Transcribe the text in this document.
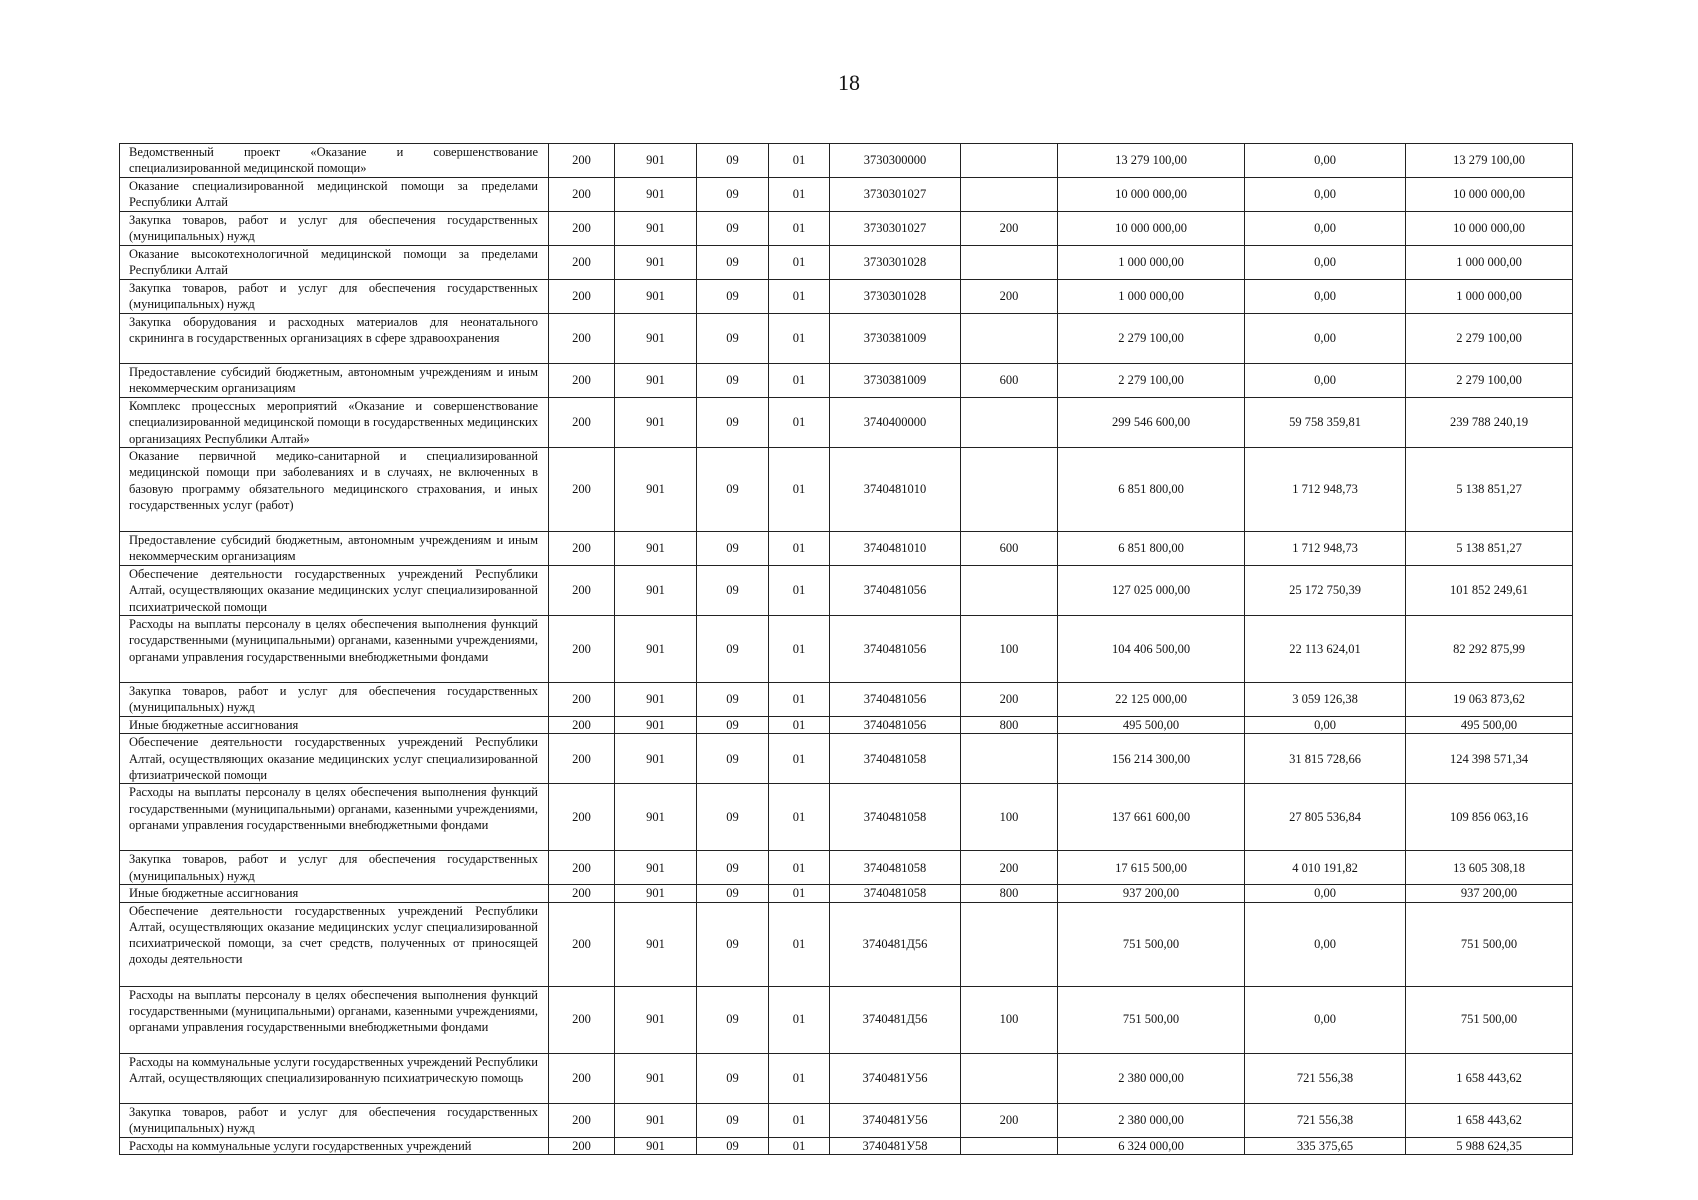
18
Ведомственный проект «Оказание и совершенствование специализированной медицинской помощи»	200	901	09	01	3730300000		13 279 100,00	0,00	13 279 100,00
Оказание специализированной медицинской помощи за пределами Республики Алтай	200	901	09	01	3730301027		10 000 000,00	0,00	10 000 000,00
Закупка товаров, работ и услуг для обеспечения государственных (муниципальных) нужд	200	901	09	01	3730301027	200	10 000 000,00	0,00	10 000 000,00
Оказание высокотехнологичной медицинской помощи за пределами Республики Алтай	200	901	09	01	3730301028		1 000 000,00	0,00	1 000 000,00
Закупка товаров, работ и услуг для обеспечения государственных (муниципальных) нужд	200	901	09	01	3730301028	200	1 000 000,00	0,00	1 000 000,00
Закупка оборудования и расходных материалов для неонатального скрининга в государственных организациях в сфере здравоохранения	200	901	09	01	3730381009		2 279 100,00	0,00	2 279 100,00
Предоставление субсидий бюджетным, автономным учреждениям и иным некоммерческим организациям	200	901	09	01	3730381009	600	2 279 100,00	0,00	2 279 100,00
Комплекс процессных мероприятий «Оказание и совершенствование специализированной медицинской помощи в государственных медицинских организациях Республики Алтай»	200	901	09	01	3740400000		299 546 600,00	59 758 359,81	239 788 240,19
Оказание первичной медико-санитарной и специализированной медицинской помощи при заболеваниях и в случаях, не включенных в базовую программу обязательного медицинского страхования, и иных государственных услуг (работ)	200	901	09	01	3740481010		6 851 800,00	1 712 948,73	5 138 851,27
Предоставление субсидий бюджетным, автономным учреждениям и иным некоммерческим организациям	200	901	09	01	3740481010	600	6 851 800,00	1 712 948,73	5 138 851,27
Обеспечение деятельности государственных учреждений Республики Алтай, осуществляющих оказание медицинских услуг специализированной психиатрической помощи	200	901	09	01	3740481056		127 025 000,00	25 172 750,39	101 852 249,61
Расходы на выплаты персоналу в целях обеспечения выполнения функций государственными (муниципальными) органами, казенными учреждениями, органами управления государственными внебюджетными фондами	200	901	09	01	3740481056	100	104 406 500,00	22 113 624,01	82 292 875,99
Закупка товаров, работ и услуг для обеспечения государственных (муниципальных) нужд	200	901	09	01	3740481056	200	22 125 000,00	3 059 126,38	19 063 873,62
Иные бюджетные ассигнования	200	901	09	01	3740481056	800	495 500,00	0,00	495 500,00
Обеспечение деятельности государственных учреждений Республики Алтай, осуществляющих оказание медицинских услуг специализированной фтизиатрической помощи	200	901	09	01	3740481058		156 214 300,00	31 815 728,66	124 398 571,34
Расходы на выплаты персоналу в целях обеспечения выполнения функций государственными (муниципальными) органами, казенными учреждениями, органами управления государственными внебюджетными фондами	200	901	09	01	3740481058	100	137 661 600,00	27 805 536,84	109 856 063,16
Закупка товаров, работ и услуг для обеспечения государственных (муниципальных) нужд	200	901	09	01	3740481058	200	17 615 500,00	4 010 191,82	13 605 308,18
Иные бюджетные ассигнования	200	901	09	01	3740481058	800	937 200,00	0,00	937 200,00
Обеспечение деятельности государственных учреждений Республики Алтай, осуществляющих оказание медицинских услуг специализированной психиатрической помощи, за счет средств, полученных от приносящей доходы деятельности	200	901	09	01	3740481Д56		751 500,00	0,00	751 500,00
Расходы на выплаты персоналу в целях обеспечения выполнения функций государственными (муниципальными) органами, казенными учреждениями, органами управления государственными внебюджетными фондами	200	901	09	01	3740481Д56	100	751 500,00	0,00	751 500,00
Расходы на коммунальные услуги государственных учреждений Республики Алтай, осуществляющих специализированную психиатрическую помощь	200	901	09	01	3740481У56		2 380 000,00	721 556,38	1 658 443,62
Закупка товаров, работ и услуг для обеспечения государственных (муниципальных) нужд	200	901	09	01	3740481У56	200	2 380 000,00	721 556,38	1 658 443,62
Расходы на коммунальные услуги государственных учреждений	200	901	09	01	3740481У58		6 324 000,00	335 375,65	5 988 624,35
